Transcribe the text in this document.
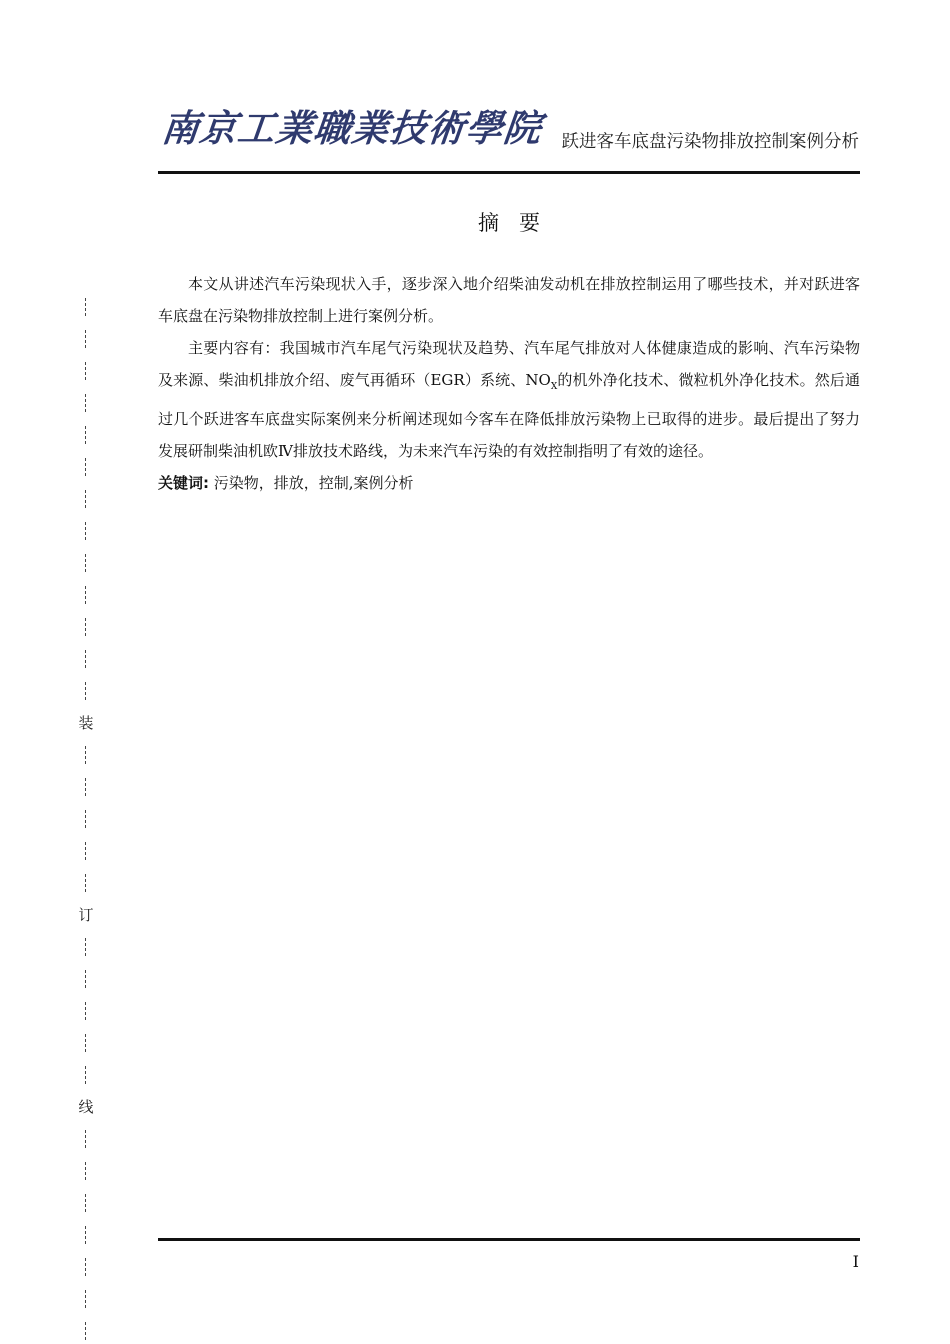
南京工業職業技術學院 跃进客车底盘污染物排放控制案例分析
摘要

本文从讲述汽车污染现状入手，逐步深入地介绍柴油发动机在排放控制运用了哪些技术，并对跃进客车底盘在污染物排放控制上进行案例分析。

主要内容有：我国城市汽车尾气污染现状及趋势、汽车尾气排放对人体健康造成的影响、汽车污染物及来源、柴油机排放介绍、废气再循环（EGR）系统、$NO_X$的机外净化技术、微粒机外净化技术。然后通过几个跃进客车底盘实际案例来分析阐述现如今客车在降低排放污染物上已取得的进步。最后提出了努力发展研制柴油机欧Ⅳ排放技术路线，为未来汽车污染的有效控制指明了有效的途径。

关键词: 污染物，排放，控制,案例分析
装
订
线
I
